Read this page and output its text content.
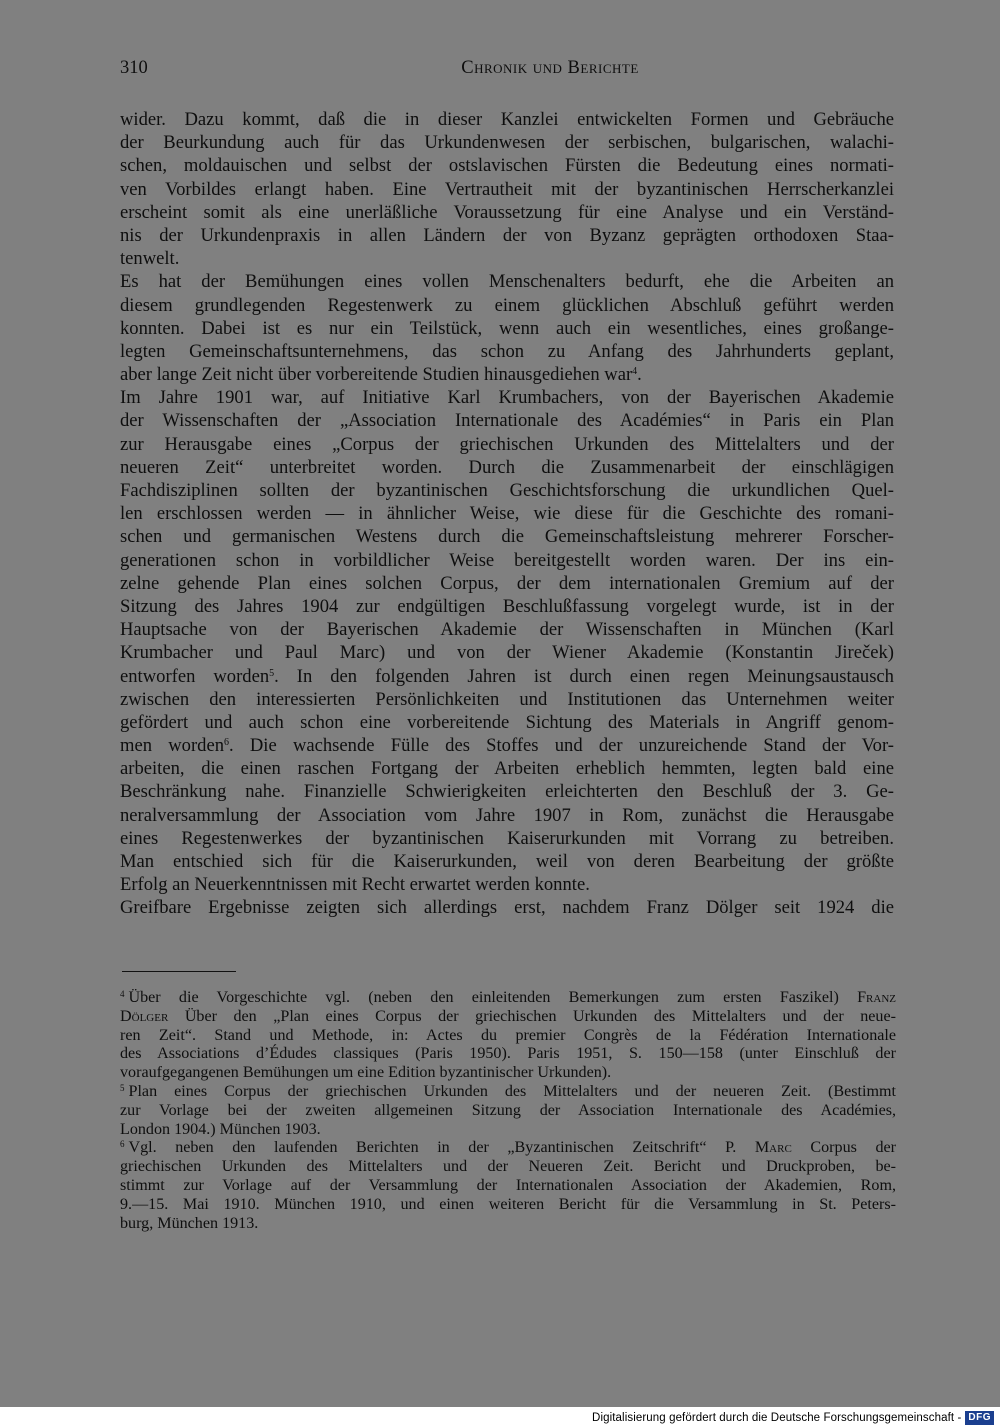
310	Chronik und Berichte
wider. Dazu kommt, daß die in dieser Kanzlei entwickelten Formen und Gebräuche
der Beurkundung auch für das Urkundenwesen der serbischen, bulgarischen, walachi-
schen, moldauischen und selbst der ostslavischen Fürsten die Bedeutung eines normati-
ven Vorbildes erlangt haben. Eine Vertrautheit mit der byzantinischen Herrscherkanzlei
erscheint somit als eine unerläßliche Voraussetzung für eine Analyse und ein Verständ-
nis der Urkundenpraxis in allen Ländern der von Byzanz geprägten orthodoxen Staa-
tenwelt.
Es hat der Bemühungen eines vollen Menschenalters bedurft, ehe die Arbeiten an
diesem grundlegenden Regestenwerk zu einem glücklichen Abschluß geführt werden
konnten. Dabei ist es nur ein Teilstück, wenn auch ein wesentliches, eines großange-
legten Gemeinschaftsunternehmens, das schon zu Anfang des Jahrhunderts geplant,
aber lange Zeit nicht über vorbereitende Studien hinausgediehen war$^4$.
Im Jahre 1901 war, auf Initiative Karl Krumbachers, von der Bayerischen Akademie
der Wissenschaften der „Association Internationale des Académies“ in Paris ein Plan
zur Herausgabe eines „Corpus der griechischen Urkunden des Mittelalters und der
neueren Zeit“ unterbreitet worden. Durch die Zusammenarbeit der einschlägigen
Fachdisziplinen sollten der byzantinischen Geschichtsforschung die urkundlichen Quel-
len erschlossen werden — in ähnlicher Weise, wie diese für die Geschichte des romani-
schen und germanischen Westens durch die Gemeinschaftsleistung mehrerer Forscher-
generationen schon in vorbildlicher Weise bereitgestellt worden waren. Der ins ein-
zelne gehende Plan eines solchen Corpus, der dem internationalen Gremium auf der
Sitzung des Jahres 1904 zur endgültigen Beschlußfassung vorgelegt wurde, ist in der
Hauptsache von der Bayerischen Akademie der Wissenschaften in München (Karl
Krumbacher und Paul Marc) und von der Wiener Akademie (Konstantin Jireček)
entworfen worden$^5$. In den folgenden Jahren ist durch einen regen Meinungsaustausch
zwischen den interessierten Persönlichkeiten und Institutionen das Unternehmen weiter
gefördert und auch schon eine vorbereitende Sichtung des Materials in Angriff genom-
men worden$^6$. Die wachsende Fülle des Stoffes und der unzureichende Stand der Vor-
arbeiten, die einen raschen Fortgang der Arbeiten erheblich hemmten, legten bald eine
Beschränkung nahe. Finanzielle Schwierigkeiten erleichterten den Beschluß der 3. Ge-
neralversammlung der Association vom Jahre 1907 in Rom, zunächst die Herausgabe
eines Regestenwerkes der byzantinischen Kaiserurkunden mit Vorrang zu betreiben.
Man entschied sich für die Kaiserurkunden, weil von deren Bearbeitung der größte
Erfolg an Neuerkenntnissen mit Recht erwartet werden konnte.
Greifbare Ergebnisse zeigten sich allerdings erst, nachdem Franz Dölger seit 1924 die
$^4$ Über die Vorgeschichte vgl. (neben den einleitenden Bemerkungen zum ersten Faszikel) Franz
Dölger Über den „Plan eines Corpus der griechischen Urkunden des Mittelalters und der neue-
ren Zeit“. Stand und Methode, in: Actes du premier Congrès de la Fédération Internationale
des Associations d’Édudes classiques (Paris 1950). Paris 1951, S. 150—158 (unter Einschluß der
voraufgegangenen Bemühungen um eine Edition byzantinischer Urkunden).
$^5$ Plan eines Corpus der griechischen Urkunden des Mittelalters und der neueren Zeit. (Bestimmt
zur Vorlage bei der zweiten allgemeinen Sitzung der Association Internationale des Académies,
London 1904.) München 1903.
$^6$ Vgl. neben den laufenden Berichten in der „Byzantinischen Zeitschrift“ P. Marc Corpus der
griechischen Urkunden des Mittelalters und der Neueren Zeit. Bericht und Druckproben, be-
stimmt zur Vorlage auf der Versammlung der Internationalen Association der Akademien, Rom,
9.—15. Mai 1910. München 1910, und einen weiteren Bericht für die Versammlung in St. Peters-
burg, München 1913.
Digitalisierung gefördert durch die Deutsche Forschungsgemeinschaft - DFG
